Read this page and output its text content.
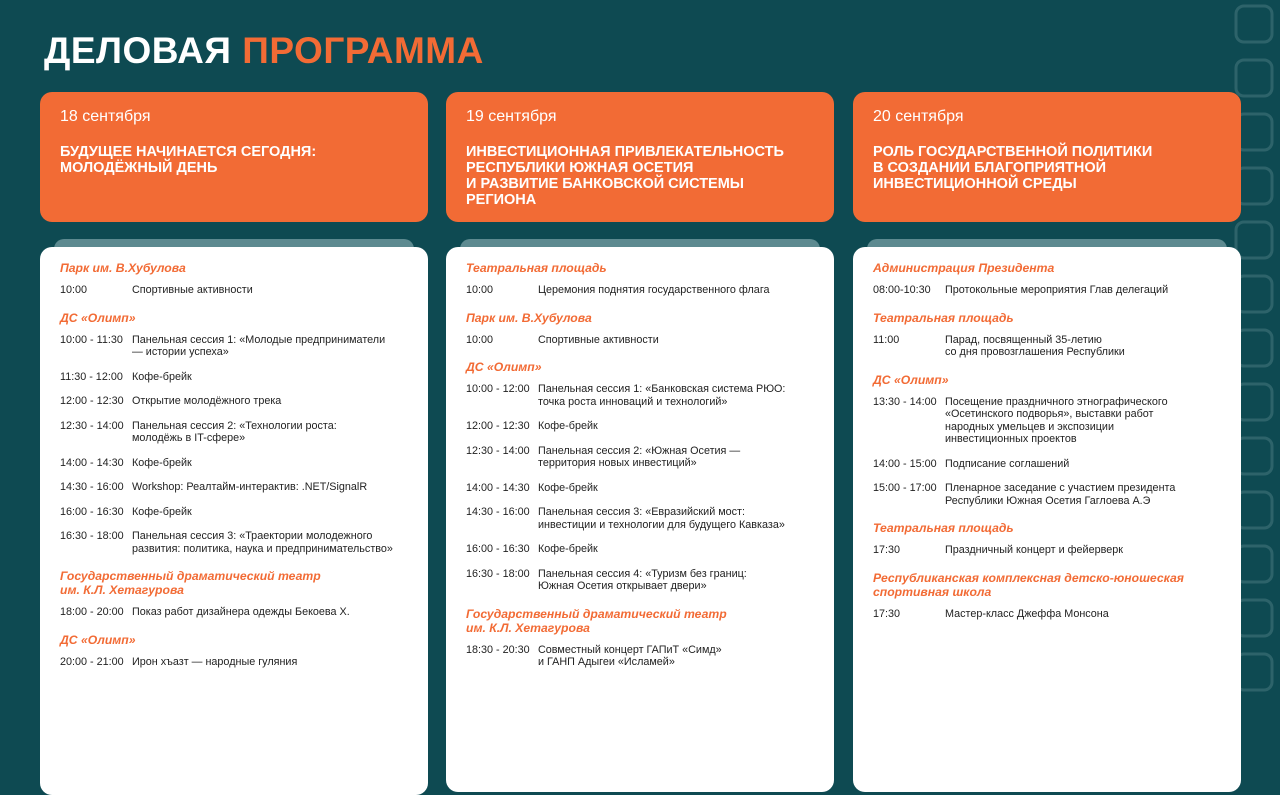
ДЕЛОВАЯ ПРОГРАММА

18 сентября

БУДУЩЕЕ НАЧИНАЕТСЯ СЕГОДНЯ:
МОЛОДЁЖНЫЙ ДЕНЬ

Парк им. В.Хубулова
10:00	Спортивные активности
ДС «Олимп»
10:00 - 11:30 Панельная сессия 1: «Молодые предприниматели
— истории успеха»
11:30 - 12:00 Кофе-брейк
12:00 - 12:30 Открытие молодёжного трека
12:30 - 14:00 Панельная сессия 2: «Технологии роста:
молодёжь в IT-сфере»
14:00 - 14:30 Кофе-брейк
14:30 - 16:00 Workshop: Реалтайм-интерактив: .NET/SignalR
16:00 - 16:30 Кофе-брейк
16:30 - 18:00 Панельная сессия 3: «Траектории молодежного
развития: политика, наука и предпринимательство»
Государственный драматический театр
им. К.Л. Хетагурова
18:00 - 20:00 Показ работ дизайнера одежды Бекоева Х.
ДС «Олимп»
20:00 - 21:00 Ирон хъазт — народные гуляния

19 сентября

ИНВЕСТИЦИОННАЯ ПРИВЛЕКАТЕЛЬНОСТЬ
РЕСПУБЛИКИ ЮЖНАЯ ОСЕТИЯ
И РАЗВИТИЕ БАНКОВСКОЙ СИСТЕМЫ
РЕГИОНА

Театральная площадь
10:00	Церемония поднятия государственного флага
Парк им. В.Хубулова
10:00	Спортивные активности
ДС «Олимп»
10:00 - 12:00 Панельная сессия 1: «Банковская система РЮО:
точка роста инноваций и технологий»
12:00 - 12:30 Кофе-брейк
12:30 - 14:00 Панельная сессия 2: «Южная Осетия —
территория новых инвестиций»
14:00 - 14:30 Кофе-брейк
14:30 - 16:00 Панельная сессия 3: «Евразийский мост:
инвестиции и технологии для будущего Кавказа»
16:00 - 16:30 Кофе-брейк
16:30 - 18:00 Панельная сессия 4: «Туризм без границ:
Южная Осетия открывает двери»
Государственный драматический театр
им. К.Л. Хетагурова
18:30 - 20:30 Совместный концерт ГАПиТ «Симд»
и ГАНП Адыгеи «Исламей»

20 сентября

РОЛЬ ГОСУДАРСТВЕННОЙ ПОЛИТИКИ
В СОЗДАНИИ БЛАГОПРИЯТНОЙ
ИНВЕСТИЦИОННОЙ СРЕДЫ

Администрация Президента
08:00-10:30	Протокольные мероприятия Глав делегаций
Театральная площадь
11:00	Парад, посвященный 35-летию
со дня провозглашения Республики
ДС «Олимп»
13:30 - 14:00 Посещение праздничного этнографического
«Осетинского подворья», выставки работ
народных умельцев и экспозиции
инвестиционных проектов
14:00 - 15:00 Подписание соглашений
15:00 - 17:00 Пленарное заседание с участием президента
Республики Южная Осетия Гаглоева А.Э
Театральная площадь
17:30	Праздничный концерт и фейерверк
Республиканская комплексная детско-юношеская
спортивная школа
17:30	Мастер-класс Джеффа Монсона
